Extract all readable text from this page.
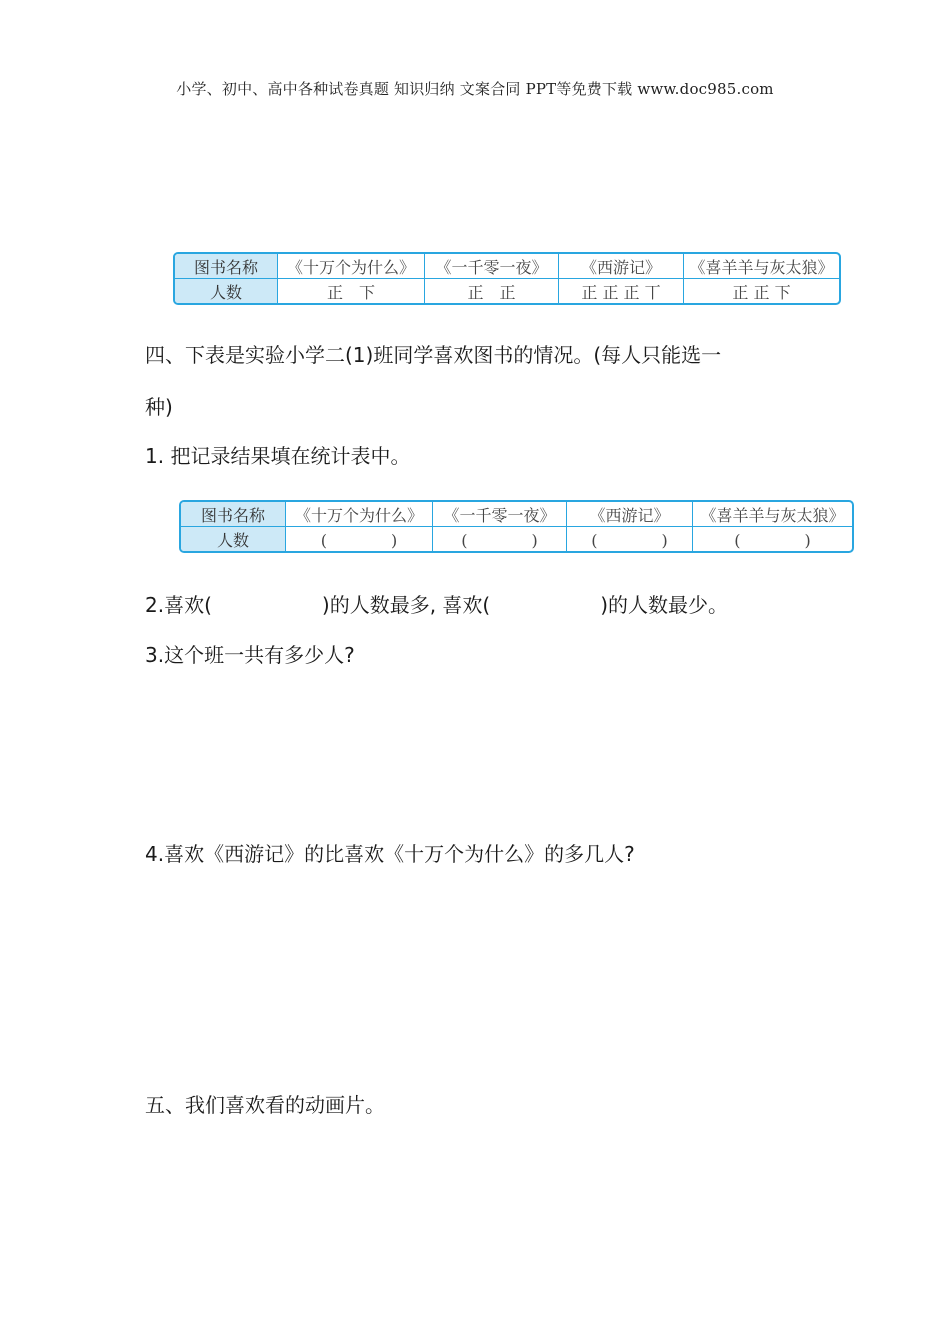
小学、初中、高中各种试卷真题 知识归纳 文案合同 PPT等免费下载 www.doc985.com
图书名称	《十万个为什么》	《一千零一夜》	《西游记》	《喜羊羊与灰太狼》
人数	正　下	正　正	正 正 正 丅	正 正 下
四、下表是实验小学二(1)班同学喜欢图书的情况。(每人只能选一
种)
1. 把记录结果填在统计表中。
图书名称	《十万个为什么》	《一千零一夜》	《西游记》	《喜羊羊与灰太狼》
人数	(　　　　)	(　　　　)	(　　　　)	(　　　　)
2.喜欢(	)的人数最多, 喜欢(	)的人数最少。
3.这个班一共有多少人?
4.喜欢《西游记》的比喜欢《十万个为什么》的多几人?
五、我们喜欢看的动画片。
